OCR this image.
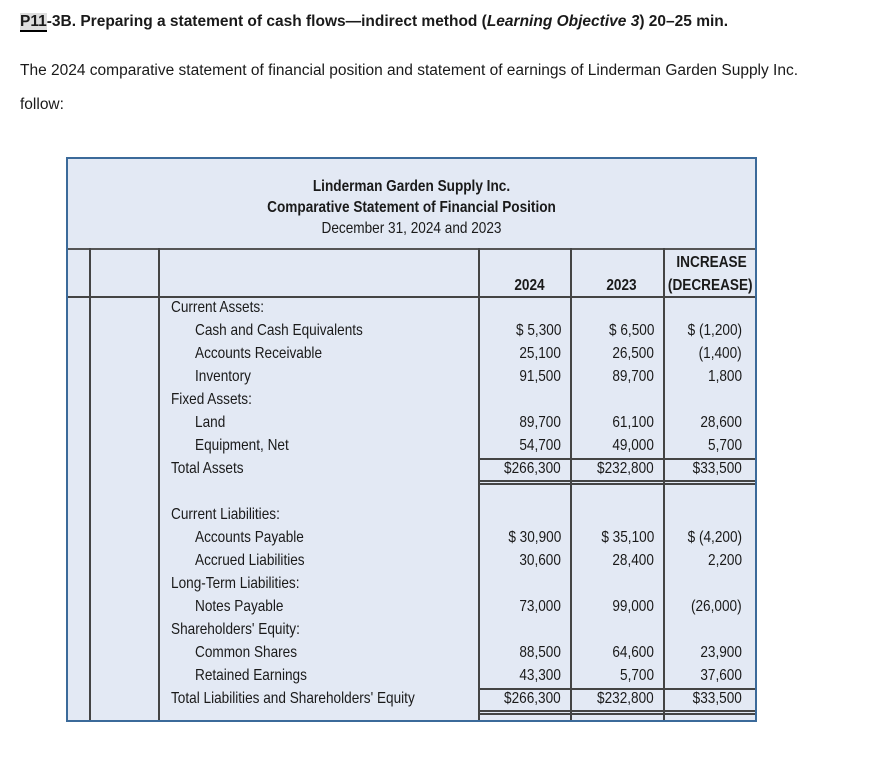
P11-3B. Preparing a statement of cash flows—indirect method (Learning Objective 3) 20–25 min.
The 2024 comparative statement of financial position and statement of earnings of Linderman Garden Supply Inc. follow:
Linderman Garden Supply Inc.
Comparative Statement of Financial Position
December 31, 2024 and 2023
2024	2023
INCREASE
(DECREASE)
Current Assets:
Cash and Cash Equivalents	$ 5,300	$ 6,500 $ (1,200)
Accounts Receivable	25,100	26,500	(1,400)
Inventory	91,500	89,700	1,800
Fixed Assets:
Land	89,700	61,100	28,600
Equipment, Net	54,700	49,000	5,700
Total Assets	$266,300 $232,800 $33,500
Current Liabilities:
Accounts Payable	$ 30,900	$ 35,100 $ (4,200)
Accrued Liabilities	30,600	28,400	2,200
Long-Term Liabilities:
Notes Payable	73,000	99,000 (26,000)
Shareholders' Equity:
Common Shares	88,500	64,600	23,900
Retained Earnings	43,300	5,700	37,600
Total Liabilities and Shareholders' Equity	$266,300 $232,800 $33,500
